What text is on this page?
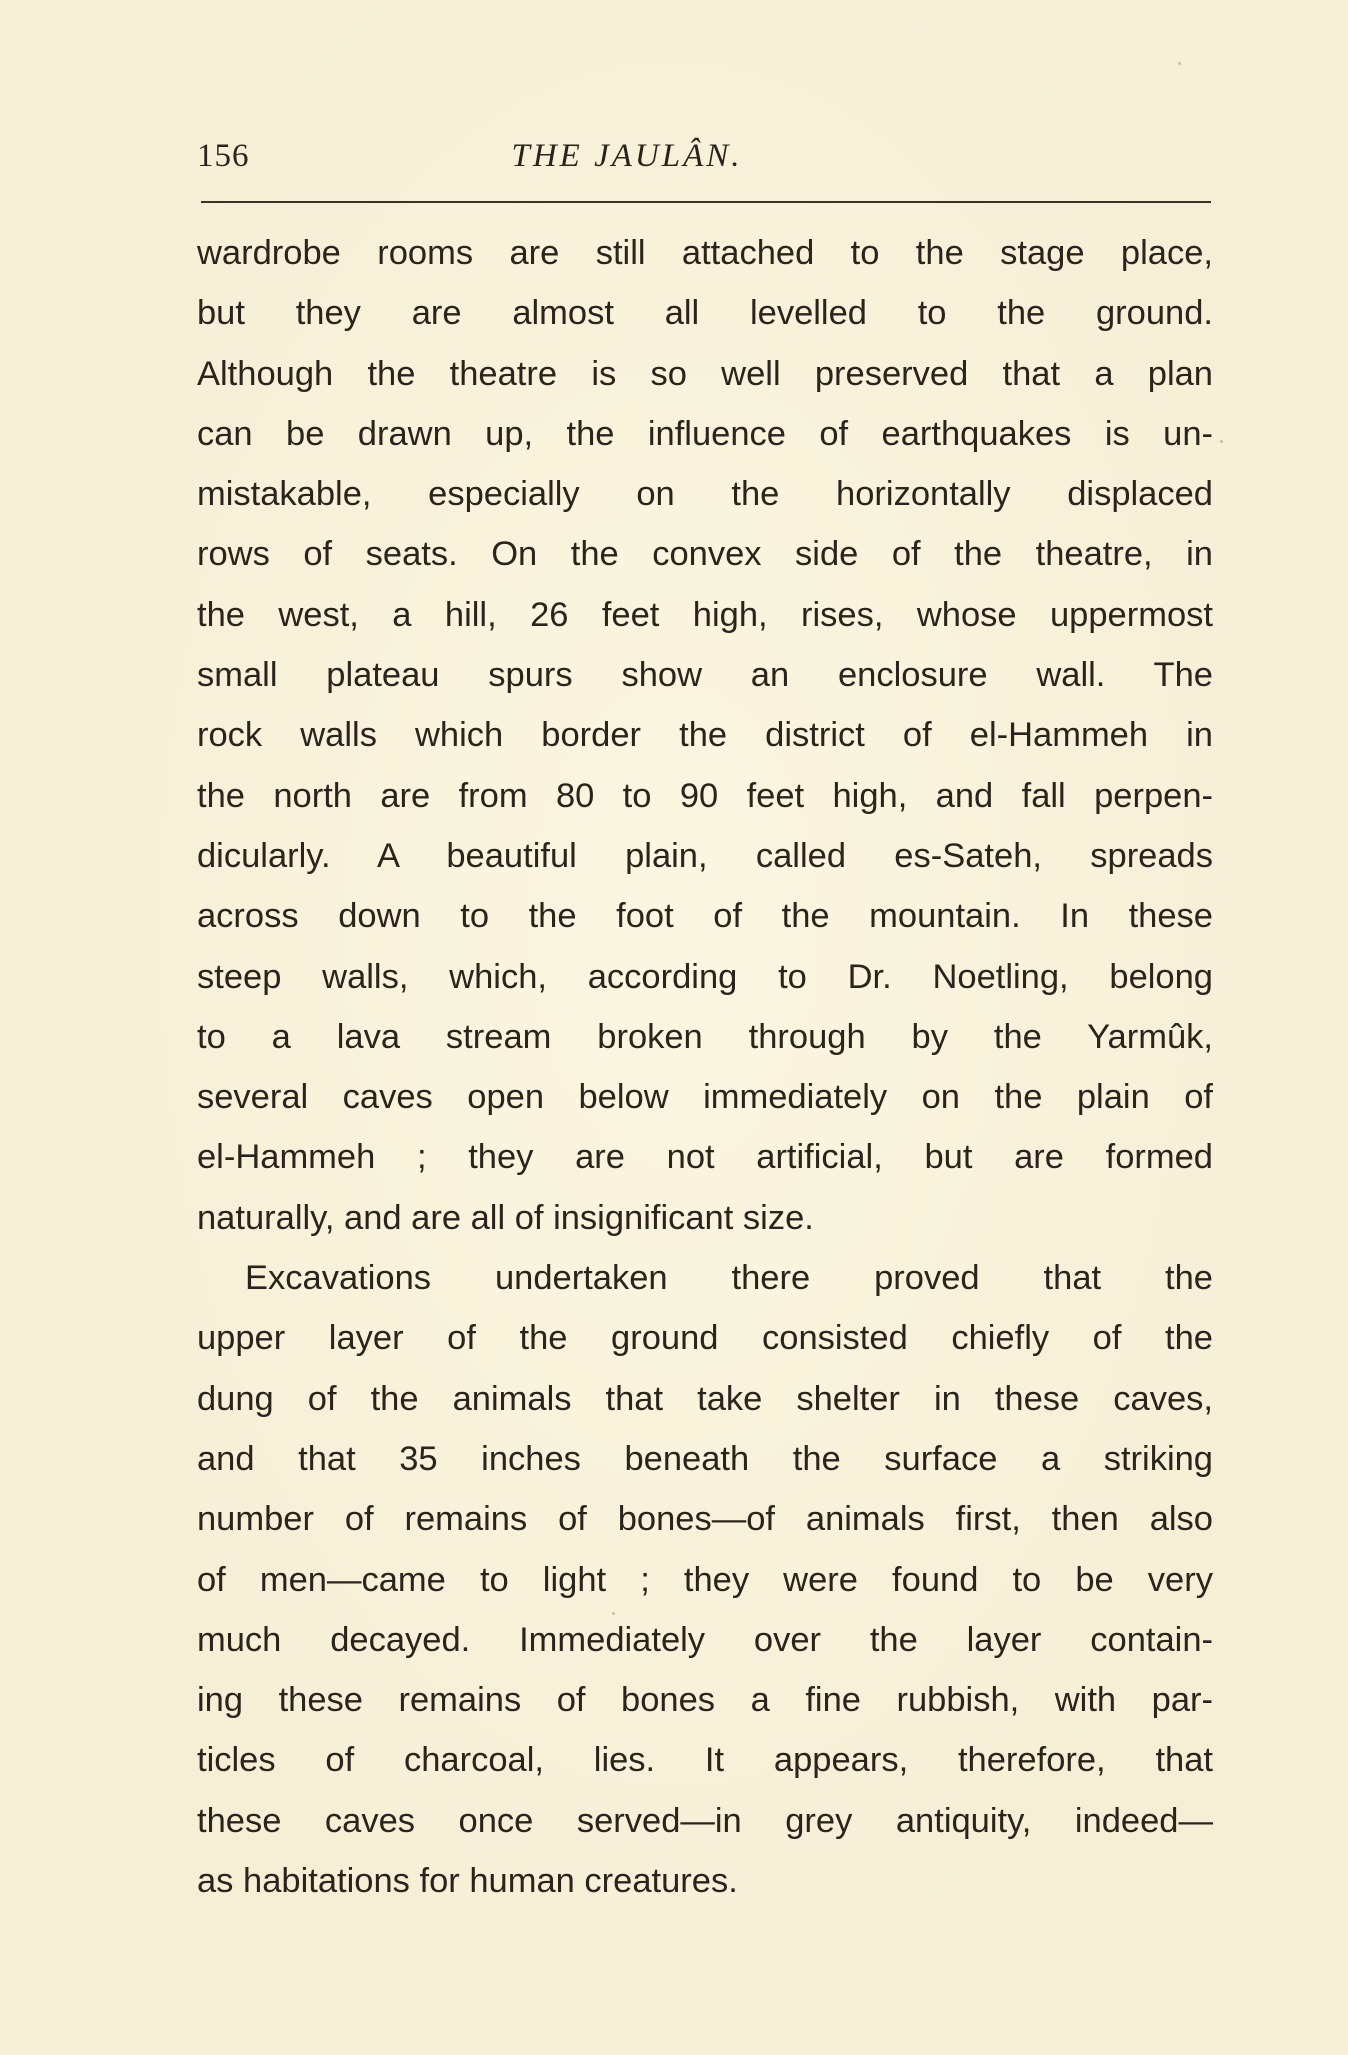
156	THE JAULÂN.
wardrobe rooms are still attached to the stage place,
but they are almost all levelled to the ground.
Although the theatre is so well preserved that a plan
can be drawn up, the influence of earthquakes is un-
mistakable, especially on the horizontally displaced
rows of seats. On the convex side of the theatre, in
the west, a hill, 26 feet high, rises, whose uppermost
small plateau spurs show an enclosure wall. The
rock walls which border the district of el-Hammeh in
the north are from 80 to 90 feet high, and fall perpen-
dicularly. A beautiful plain, called es-Sateh, spreads
across down to the foot of the mountain. In these
steep walls, which, according to Dr. Noetling, belong
to a lava stream broken through by the Yarmûk,
several caves open below immediately on the plain of
el-Hammeh ; they are not artificial, but are formed
naturally, and are all of insignificant size.
Excavations undertaken there proved that the
upper layer of the ground consisted chiefly of the
dung of the animals that take shelter in these caves,
and that 35 inches beneath the surface a striking
number of remains of bones—of animals first, then also
of men—came to light ; they were found to be very
much decayed. Immediately over the layer contain-
ing these remains of bones a fine rubbish, with par-
ticles of charcoal, lies. It appears, therefore, that
these caves once served—in grey antiquity, indeed—
as habitations for human creatures.
